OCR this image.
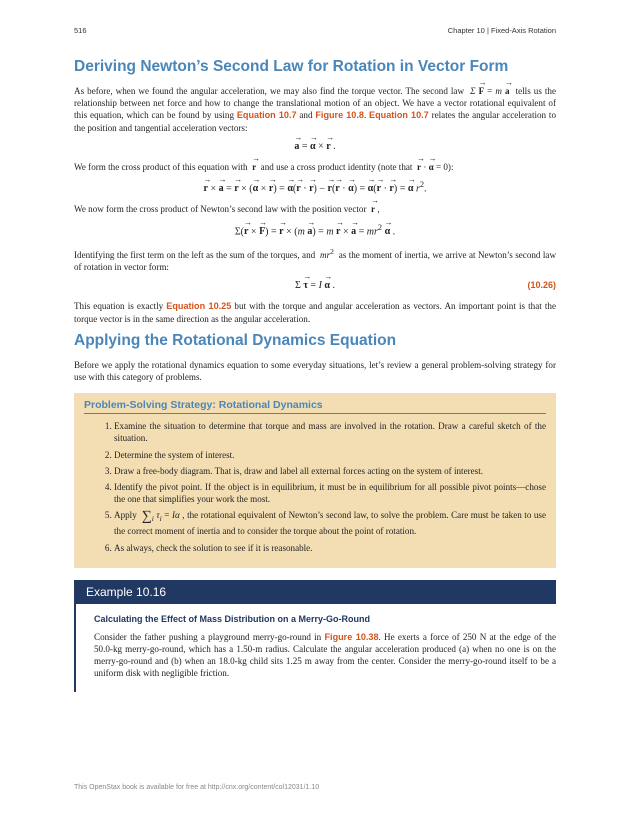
516	Chapter 10 | Fixed-Axis Rotation
Deriving Newton’s Second Law for Rotation in Vector Form

As before, when we found the angular acceleration, we may also find the torque vector. The second law Σ → F = m → a tells us the relationship between net force and how to change the translational motion of an object. We have a vector rotational equivalent of this equation, which can be found by using Equation 10.7 and Figure 10.8. Equation 10.7 relates the angular acceleration to the position and tangential acceleration vectors:

→ a = → α × → r .

We form the cross product of this equation with → r and use a cross product identity (note that → r · → α = 0):

→ r × → a = → r × (→ α × → r) = → α(→ r · → r) − → r(→ r · → α) = → α(→ r · → r) = → α $r^2$.

We now form the cross product of Newton’s second law with the position vector → r ,

Σ(→ r × → F) = → r × (m → a) = m → r × → $a = mr^2 \to \alpha$ .

Identifying the first term on the left as the sum of the torques, and $mr^2$ as the moment of inertia, we arrive at Newton’s second law of rotation in vector form:

Σ → τ = I → α .	(10.26)

This equation is exactly Equation 10.25 but with the torque and angular acceleration as vectors. An important point is that the torque vector is in the same direction as the angular acceleration.

Applying the Rotational Dynamics Equation

Before we apply the rotational dynamics equation to some everyday situations, let’s review a general problem-solving strategy for use with this category of problems.

Problem-Solving Strategy: Rotational Dynamics
1. Examine the situation to determine that torque and mass are involved in the rotation. Draw a careful sketch of the situation.
2. Determine the system of interest.
3. Draw a free-body diagram. That is, draw and label all external forces acting on the system of interest.
4. Identify the pivot point. If the object is in equilibrium, it must be in equilibrium for all possible pivot points—chose the one that simplifies your work the most.
5. Apply $\sum_i$ $\tau_i = I\alpha$ , the rotational equivalent of Newton’s second law, to solve the problem. Care must be taken to use the correct moment of inertia and to consider the torque about the point of rotation.
6. As always, check the solution to see if it is reasonable.
Example 10.16
Calculating the Effect of Mass Distribution on a Merry-Go-Round

Consider the father pushing a playground merry-go-round in Figure 10.38. He exerts a force of 250 N at the edge of the 50.0-kg merry-go-round, which has a 1.50-m radius. Calculate the angular acceleration produced (a) when no one is on the merry-go-round and (b) when an 18.0-kg child sits 1.25 m away from the center. Consider the merry-go-round itself to be a uniform disk with negligible friction.

This OpenStax book is available for free at http://cnx.org/content/col12031/1.10
